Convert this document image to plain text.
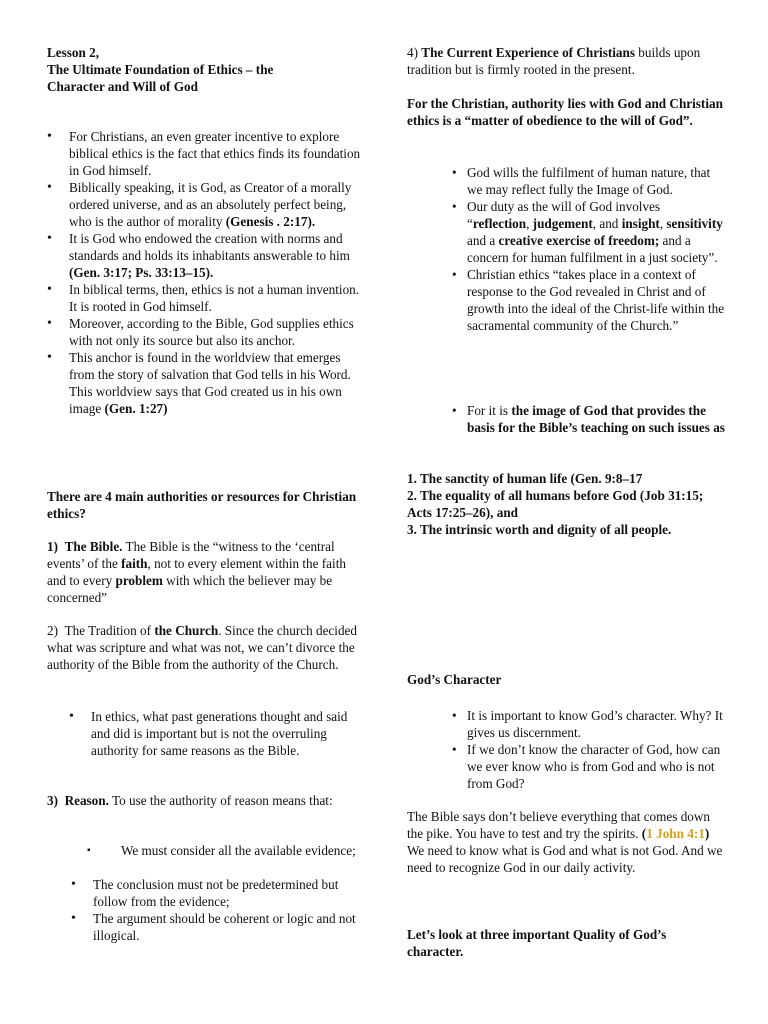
Lesson 2,
The Ultimate Foundation of Ethics – the
Character and Will of God
• For Christians, an even greater incentive to explore biblical ethics is the fact that ethics finds its foundation in God himself.
• Biblically speaking, it is God, as Creator of a morally ordered universe, and as an absolutely perfect being, who is the author of morality (Genesis . 2:17).
• It is God who endowed the creation with norms and standards and holds its inhabitants answerable to him (Gen. 3:17; Ps. 33:13–15).
• In biblical terms, then, ethics is not a human invention. It is rooted in God himself.
• Moreover, according to the Bible, God supplies ethics with not only its source but also its anchor.
• This anchor is found in the worldview that emerges from the story of salvation that God tells in his Word. This worldview says that God created us in his own image (Gen. 1:27)

There are 4 main authorities or resources for Christian ethics?

1)  The Bible. The Bible is the “witness to the ‘central events’ of the faith, not to every element within the faith and to every problem with which the believer may be concerned”

2)  The Tradition of the Church. Since the church decided what was scripture and what was not, we can’t divorce the authority of the Bible from the authority of the Church.

• In ethics, what past generations thought and said and did is important but is not the overruling authority for same reasons as the Bible.

3)  Reason. To use the authority of reason means that:

▪ We must consider all the available evidence;
• The conclusion must not be predetermined but follow from the evidence;
• The argument should be coherent or logic and not illogical.

4) The Current Experience of Christians builds upon tradition but is firmly rooted in the present.

For the Christian, authority lies with God and Christian ethics is a “matter of obedience to the will of God”.

• God wills the fulfilment of human nature, that we may reflect fully the Image of God.
• Our duty as the will of God involves “reflection, judgement, and insight, sensitivity and a creative exercise of freedom; and a concern for human fulfilment in a just society”.
• Christian ethics “takes place in a context of response to the God revealed in Christ and of growth into the ideal of the Christ-life within the sacramental community of the Church.”
• For it is the image of God that provides the basis for the Bible’s teaching on such issues as
1. The sanctity of human life (Gen. 9:8–17
2. The equality of all humans before God (Job 31:15; Acts 17:25–26), and
3. The intrinsic worth and dignity of all people.

God’s Character

• It is important to know God’s character. Why? It gives us discernment.
• If we don’t know the character of God, how can we ever know who is from God and who is not from God?

The Bible says don’t believe everything that comes down the pike. You have to test and try the spirits. (1 John 4:1) We need to know what is God and what is not God. And we need to recognize God in our daily activity.

Let’s look at three important Quality of God’s character.
